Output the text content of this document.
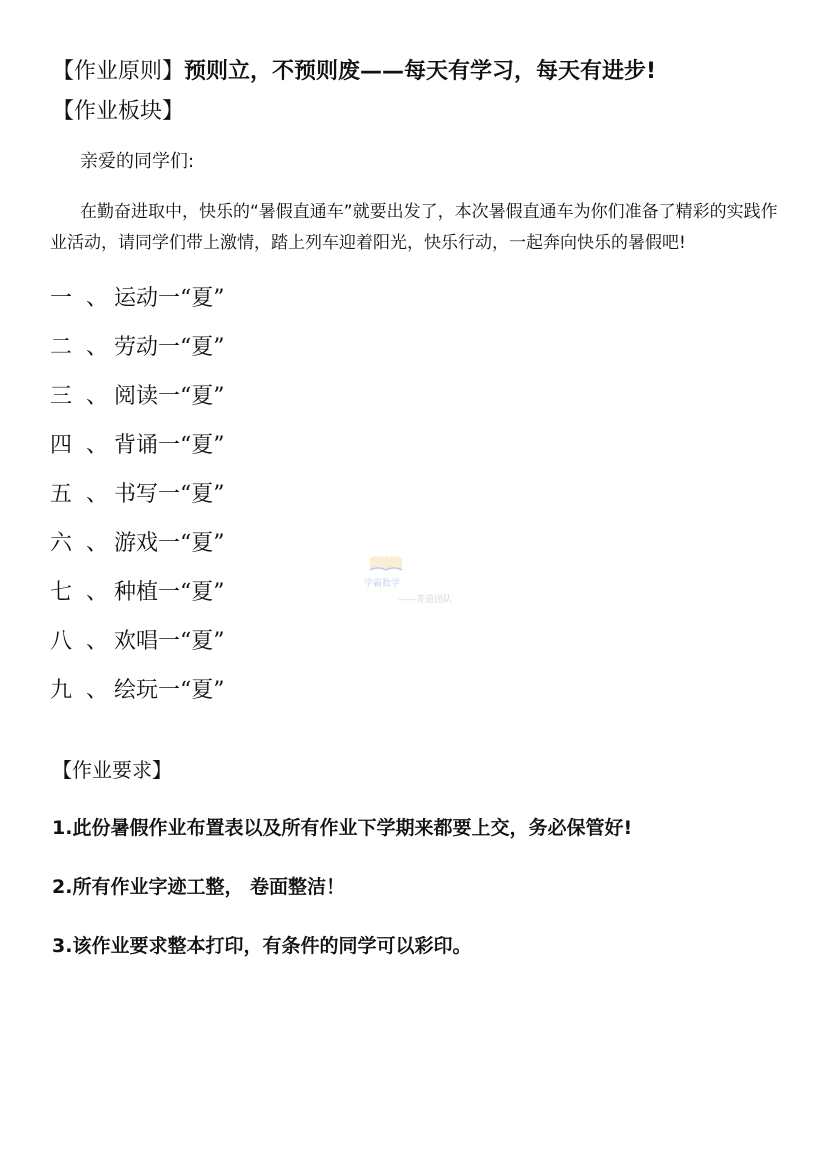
【作业原则】预则立，不预则废——每天有学习，每天有进步!
【作业板块】
亲爱的同学们:
在勤奋进取中，快乐的“暑假直通车”就要出发了，本次暑假直通车为你们准备了精彩的实践作业活动，请同学们带上激情，踏上列车迎着阳光，快乐行动，一起奔向快乐的暑假吧!
一 、 运动一“夏”
二 、 劳动一“夏”
三 、 阅读一“夏”
四 、 背诵一“夏”
五 、 书写一“夏”
六 、 游戏一“夏”
七 、 种植一“夏”
八 、 欢唱一“夏”
九 、 绘玩一“夏”
【作业要求】
1.此份暑假作业布置表以及所有作业下学期来都要上交，务必保管好!
2.所有作业字迹工整， 卷面整洁！
3.该作业要求整本打印，有条件的同学可以彩印。
学霸数学
——菁道团队
